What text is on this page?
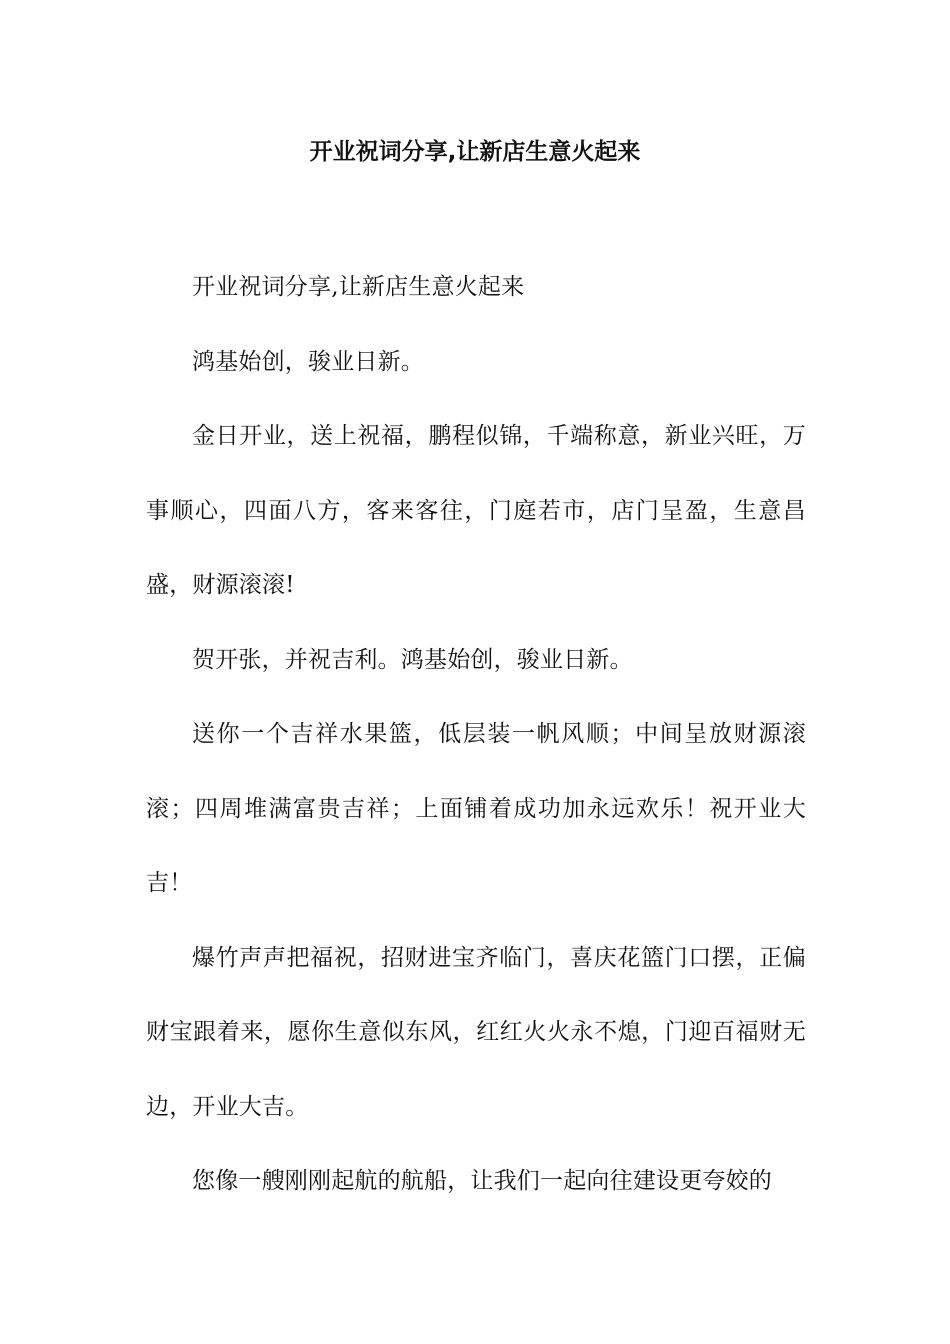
开业祝词分享,让新店生意火起来

开业祝词分享,让新店生意火起来

鸿基始创，骏业日新。

金日开业，送上祝福，鹏程似锦，千端称意，新业兴旺，万事顺心，四面八方，客来客往，门庭若市，店门呈盈，生意昌盛，财源滚滚!

贺开张，并祝吉利。鸿基始创，骏业日新。

送你一个吉祥水果篮，低层装一帆风顺；中间呈放财源滚滚；四周堆满富贵吉祥；上面铺着成功加永远欢乐！祝开业大吉！

爆竹声声把福祝，招财进宝齐临门，喜庆花篮门口摆，正偏财宝跟着来，愿你生意似东风，红红火火永不熄，门迎百福财无边，开业大吉。

您像一艘刚刚起航的航船，让我们一起向往建设更夸姣的
